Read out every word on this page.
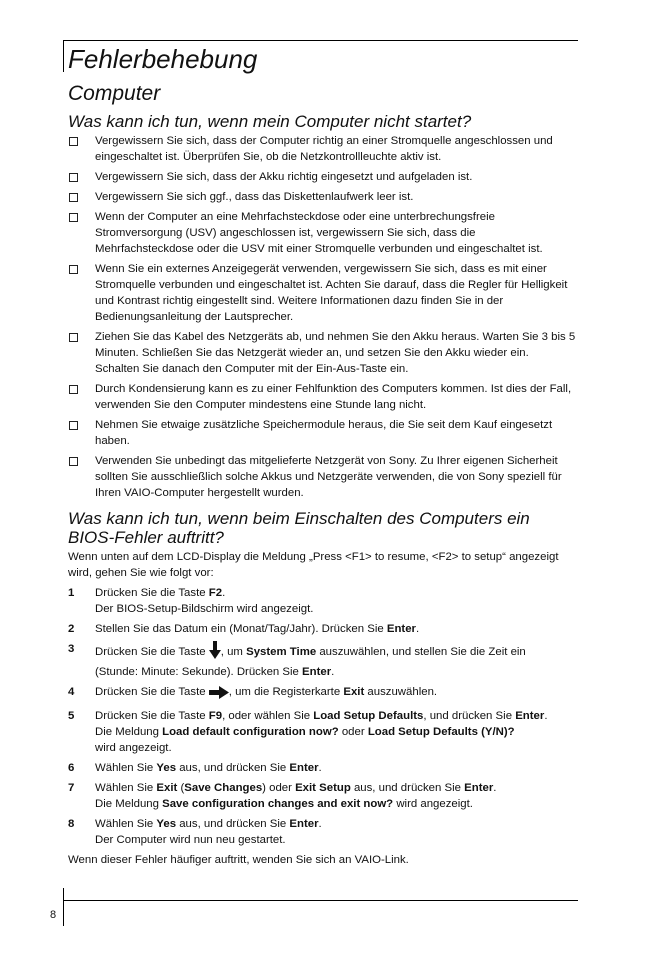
Fehlerbehebung
Computer
Was kann ich tun, wenn mein Computer nicht startet?
Vergewissern Sie sich, dass der Computer richtig an einer Stromquelle angeschlossen und eingeschaltet ist. Überprüfen Sie, ob die Netzkontrollleuchte aktiv ist.
Vergewissern Sie sich, dass der Akku richtig eingesetzt und aufgeladen ist.
Vergewissern Sie sich ggf., dass das Diskettenlaufwerk leer ist.
Wenn der Computer an eine Mehrfachsteckdose oder eine unterbrechungsfreie Stromversorgung (USV) angeschlossen ist, vergewissern Sie sich, dass die Mehrfachsteckdose oder die USV mit einer Stromquelle verbunden und eingeschaltet ist.
Wenn Sie ein externes Anzeigegerät verwenden, vergewissern Sie sich, dass es mit einer Stromquelle verbunden und eingeschaltet ist. Achten Sie darauf, dass die Regler für Helligkeit und Kontrast richtig eingestellt sind. Weitere Informationen dazu finden Sie in der Bedienungsanleitung der Lautsprecher.
Ziehen Sie das Kabel des Netzgeräts ab, und nehmen Sie den Akku heraus. Warten Sie 3 bis 5 Minuten. Schließen Sie das Netzgerät wieder an, und setzen Sie den Akku wieder ein. Schalten Sie danach den Computer mit der Ein-Aus-Taste ein.
Durch Kondensierung kann es zu einer Fehlfunktion des Computers kommen. Ist dies der Fall, verwenden Sie den Computer mindestens eine Stunde lang nicht.
Nehmen Sie etwaige zusätzliche Speichermodule heraus, die Sie seit dem Kauf eingesetzt haben.
Verwenden Sie unbedingt das mitgelieferte Netzgerät von Sony. Zu Ihrer eigenen Sicherheit sollten Sie ausschließlich solche Akkus und Netzgeräte verwenden, die von Sony speziell für Ihren VAIO-Computer hergestellt wurden.
Was kann ich tun, wenn beim Einschalten des Computers ein BIOS-Fehler auftritt?

Wenn unten auf dem LCD-Display die Meldung „Press <F1> to resume, <F2> to setup“ angezeigt wird, gehen Sie wie folgt vor:

1 Drücken Sie die Taste F2.
Der BIOS-Setup-Bildschirm wird angezeigt.
2 Stellen Sie das Datum ein (Monat/Tag/Jahr). Drücken Sie Enter.
3 Drücken Sie die Taste , um System Time auszuwählen, und stellen Sie die Zeit ein
(Stunde: Minute: Sekunde). Drücken Sie Enter.
4 Drücken Sie die Taste , um die Registerkarte Exit auszuwählen.
5 Drücken Sie die Taste F9, oder wählen Sie Load Setup Defaults, und drücken Sie Enter.
Die Meldung Load default configuration now? oder Load Setup Defaults (Y/N)?
wird angezeigt.
6 Wählen Sie Yes aus, und drücken Sie Enter.
7 Wählen Sie Exit (Save Changes) oder Exit Setup aus, und drücken Sie Enter.
Die Meldung Save configuration changes and exit now? wird angezeigt.
8 Wählen Sie Yes aus, und drücken Sie Enter.
Der Computer wird nun neu gestartet.

Wenn dieser Fehler häufiger auftritt, wenden Sie sich an VAIO-Link.

8
